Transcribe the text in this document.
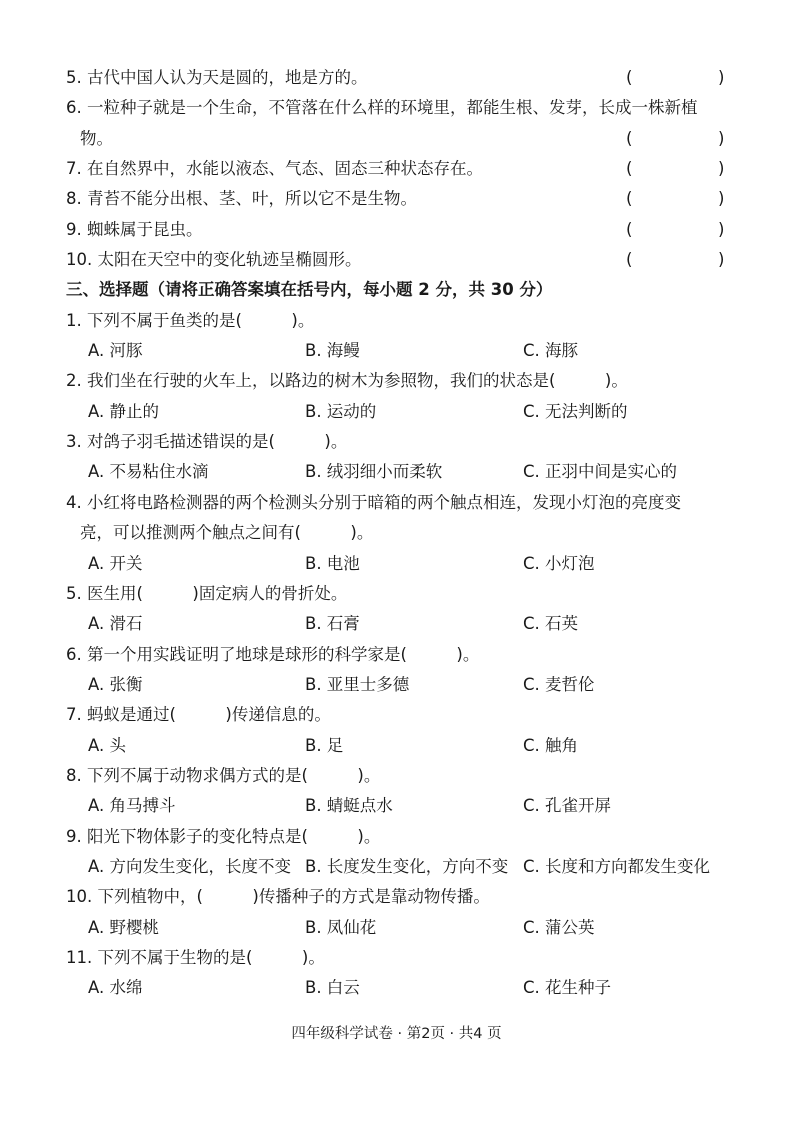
5. 古代中国人认为天是圆的，地是方的。	(	)
6. 一粒种子就是一个生命，不管落在什么样的环境里，都能生根、发芽，长成一株新植
物。	(	)
7. 在自然界中，水能以液态、气态、固态三种状态存在。	(	)
8. 青苔不能分出根、茎、叶，所以它不是生物。	(	)
9. 蜘蛛属于昆虫。	(	)
10. 太阳在天空中的变化轨迹呈椭圆形。	(	)
三、选择题（请将正确答案填在括号内，每小题 2 分，共 30 分）
1. 下列不属于鱼类的是(　　　)。
A. 河豚	B. 海鳗	C. 海豚
2. 我们坐在行驶的火车上，以路边的树木为参照物，我们的状态是(　　　)。
A. 静止的	B. 运动的	C. 无法判断的
3. 对鸽子羽毛描述错误的是(　　　)。
A. 不易粘住水滴	B. 绒羽细小而柔软	C. 正羽中间是实心的
4. 小红将电路检测器的两个检测头分别于暗箱的两个触点相连，发现小灯泡的亮度变
亮，可以推测两个触点之间有(　　　)。
A. 开关	B. 电池	C. 小灯泡
5. 医生用(　　　)固定病人的骨折处。
A. 滑石	B. 石膏	C. 石英
6. 第一个用实践证明了地球是球形的科学家是(　　　)。
A. 张衡	B. 亚里士多德	C. 麦哲伦
7. 蚂蚁是通过(　　　)传递信息的。
A. 头	B. 足	C. 触角
8. 下列不属于动物求偶方式的是(　　　)。
A. 角马搏斗	B. 蜻蜓点水	C. 孔雀开屏
9. 阳光下物体影子的变化特点是(　　　)。
A. 方向发生变化，长度不变 B. 长度发生变化，方向不变 C. 长度和方向都发生变化
10. 下列植物中，(　　　)传播种子的方式是靠动物传播。
A. 野樱桃	B. 凤仙花	C. 蒲公英
11. 下列不属于生物的是(　　　)。
A. 水绵	B. 白云	C. 花生种子
四年级科学试卷 · 第2页 · 共4 页
